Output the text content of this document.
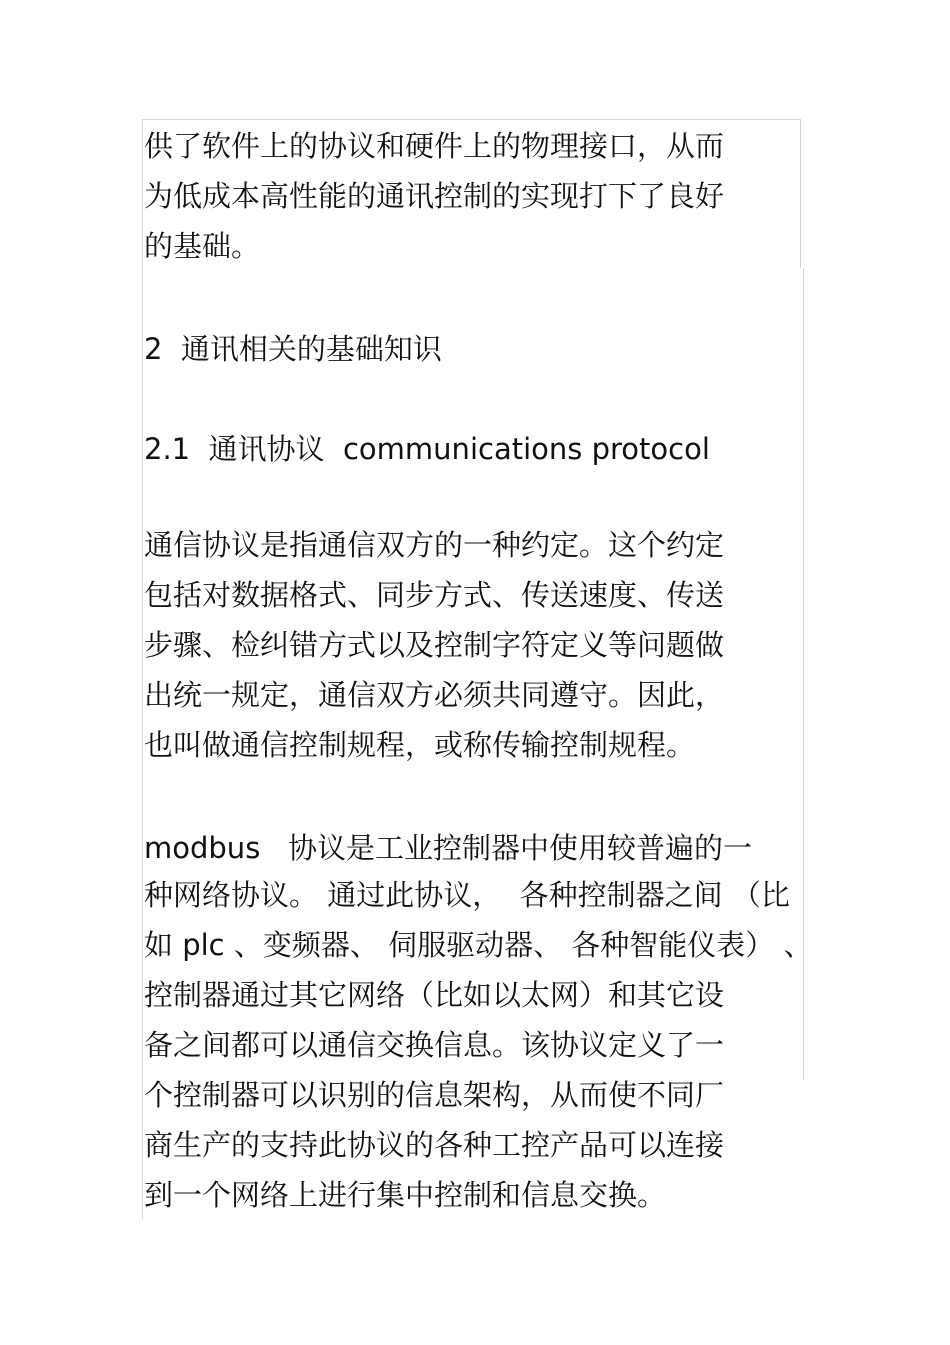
供了软件上的协议和硬件上的物理接口，从而
为低成本高性能的通讯控制的实现打下了良好
的基础。
2  通讯相关的基础知识
2.1  通讯协议  communications protocol
通信协议是指通信双方的一种约定。这个约定
包括对数据格式、同步方式、传送速度、传送
步骤、检纠错方式以及控制字符定义等问题做
出统一规定，通信双方必须共同遵守。因此，
也叫做通信控制规程，或称传输控制规程。
modbus   协议是工业控制器中使用较普遍的一
种网络协议。 通过此协议，  各种控制器之间 （比
如 plc 、变频器、 伺服驱动器、 各种智能仪表） 、
控制器通过其它网络（比如以太网）和其它设
备之间都可以通信交换信息。该协议定义了一
个控制器可以识别的信息架构，从而使不同厂
商生产的支持此协议的各种工控产品可以连接
到一个网络上进行集中控制和信息交换。
